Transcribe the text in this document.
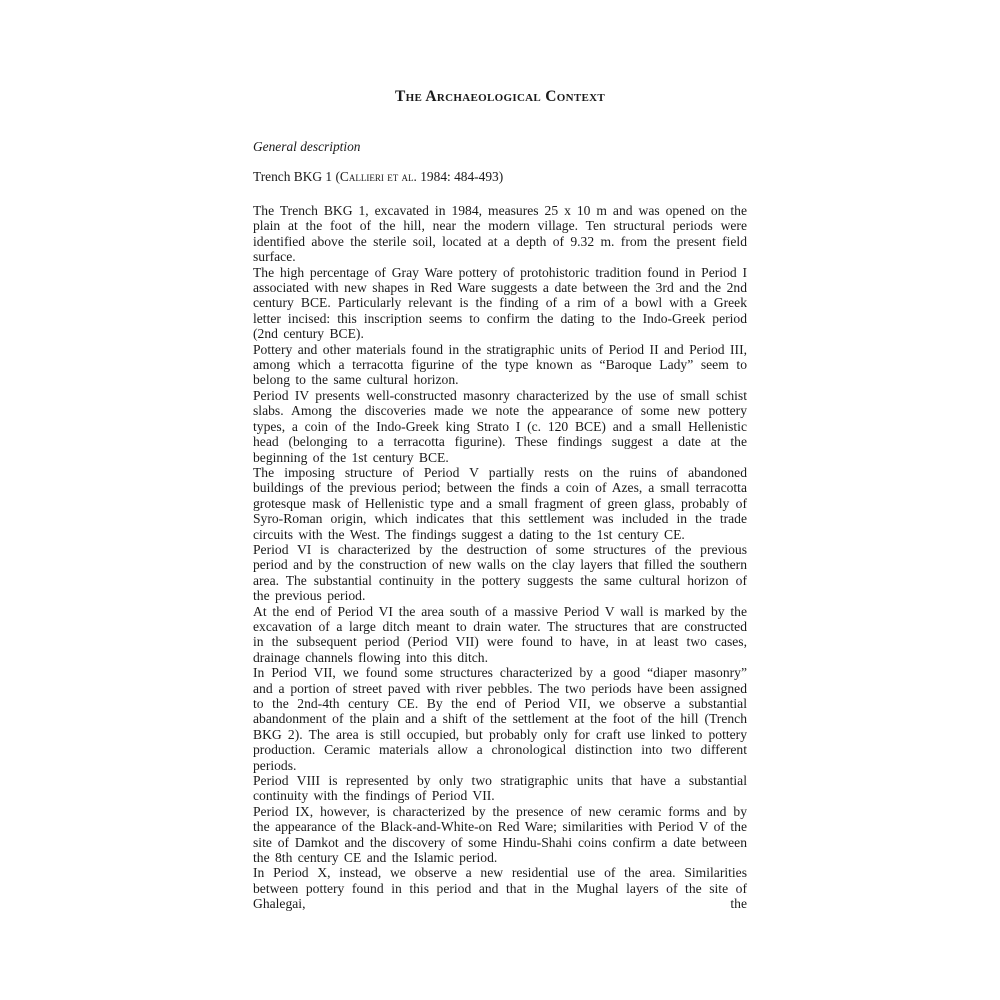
The Archaeological Context
General description
Trench BKG 1 (Callieri et al. 1984: 484-493)

The Trench BKG 1, excavated in 1984, measures 25 x 10 m and was opened on the plain at the foot of the hill, near the modern village. Ten structural periods were identified above the sterile soil, located at a depth of 9.32 m. from the present field surface.

The high percentage of Gray Ware pottery of protohistoric tradition found in Period I associated with new shapes in Red Ware suggests a date between the 3rd and the 2nd century BCE. Particularly relevant is the finding of a rim of a bowl with a Greek letter incised: this inscription seems to confirm the dating to the Indo-Greek period (2nd century BCE).

Pottery and other materials found in the stratigraphic units of Period II and Period III, among which a terracotta figurine of the type known as “Baroque Lady” seem to belong to the same cultural horizon.

Period IV presents well-constructed masonry characterized by the use of small schist slabs. Among the discoveries made we note the appearance of some new pottery types, a coin of the Indo-Greek king Strato I (c. 120 BCE) and a small Hellenistic head (belonging to a terracotta figurine). These findings suggest a date at the beginning of the 1st century BCE.

The imposing structure of Period V partially rests on the ruins of abandoned buildings of the previous period; between the finds a coin of Azes, a small terracotta grotesque mask of Hellenistic type and a small fragment of green glass, probably of Syro-Roman origin, which indicates that this settlement was included in the trade circuits with the West. The findings suggest a dating to the 1st century CE.

Period VI is characterized by the destruction of some structures of the previous period and by the construction of new walls on the clay layers that filled the southern area. The substantial continuity in the pottery suggests the same cultural horizon of the previous period.

At the end of Period VI the area south of a massive Period V wall is marked by the excavation of a large ditch meant to drain water. The structures that are constructed in the subsequent period (Period VII) were found to have, in at least two cases, drainage channels flowing into this ditch.

In Period VII, we found some structures characterized by a good “diaper masonry” and a portion of street paved with river pebbles. The two periods have been assigned to the 2nd-4th century CE. By the end of Period VII, we observe a substantial abandonment of the plain and a shift of the settlement at the foot of the hill (Trench BKG 2). The area is still occupied, but probably only for craft use linked to pottery production. Ceramic materials allow a chronological distinction into two different periods.

Period VIII is represented by only two stratigraphic units that have a substantial continuity with the findings of Period VII.

Period IX, however, is characterized by the presence of new ceramic forms and by the appearance of the Black-and-White-on Red Ware; similarities with Period V of the site of Damkot and the discovery of some Hindu-Shahi coins confirm a date between the 8th century CE and the Islamic period.

In Period X, instead, we observe a new residential use of the area. Similarities between pottery found in this period and that in the Mughal layers of the site of Ghalegai, the
